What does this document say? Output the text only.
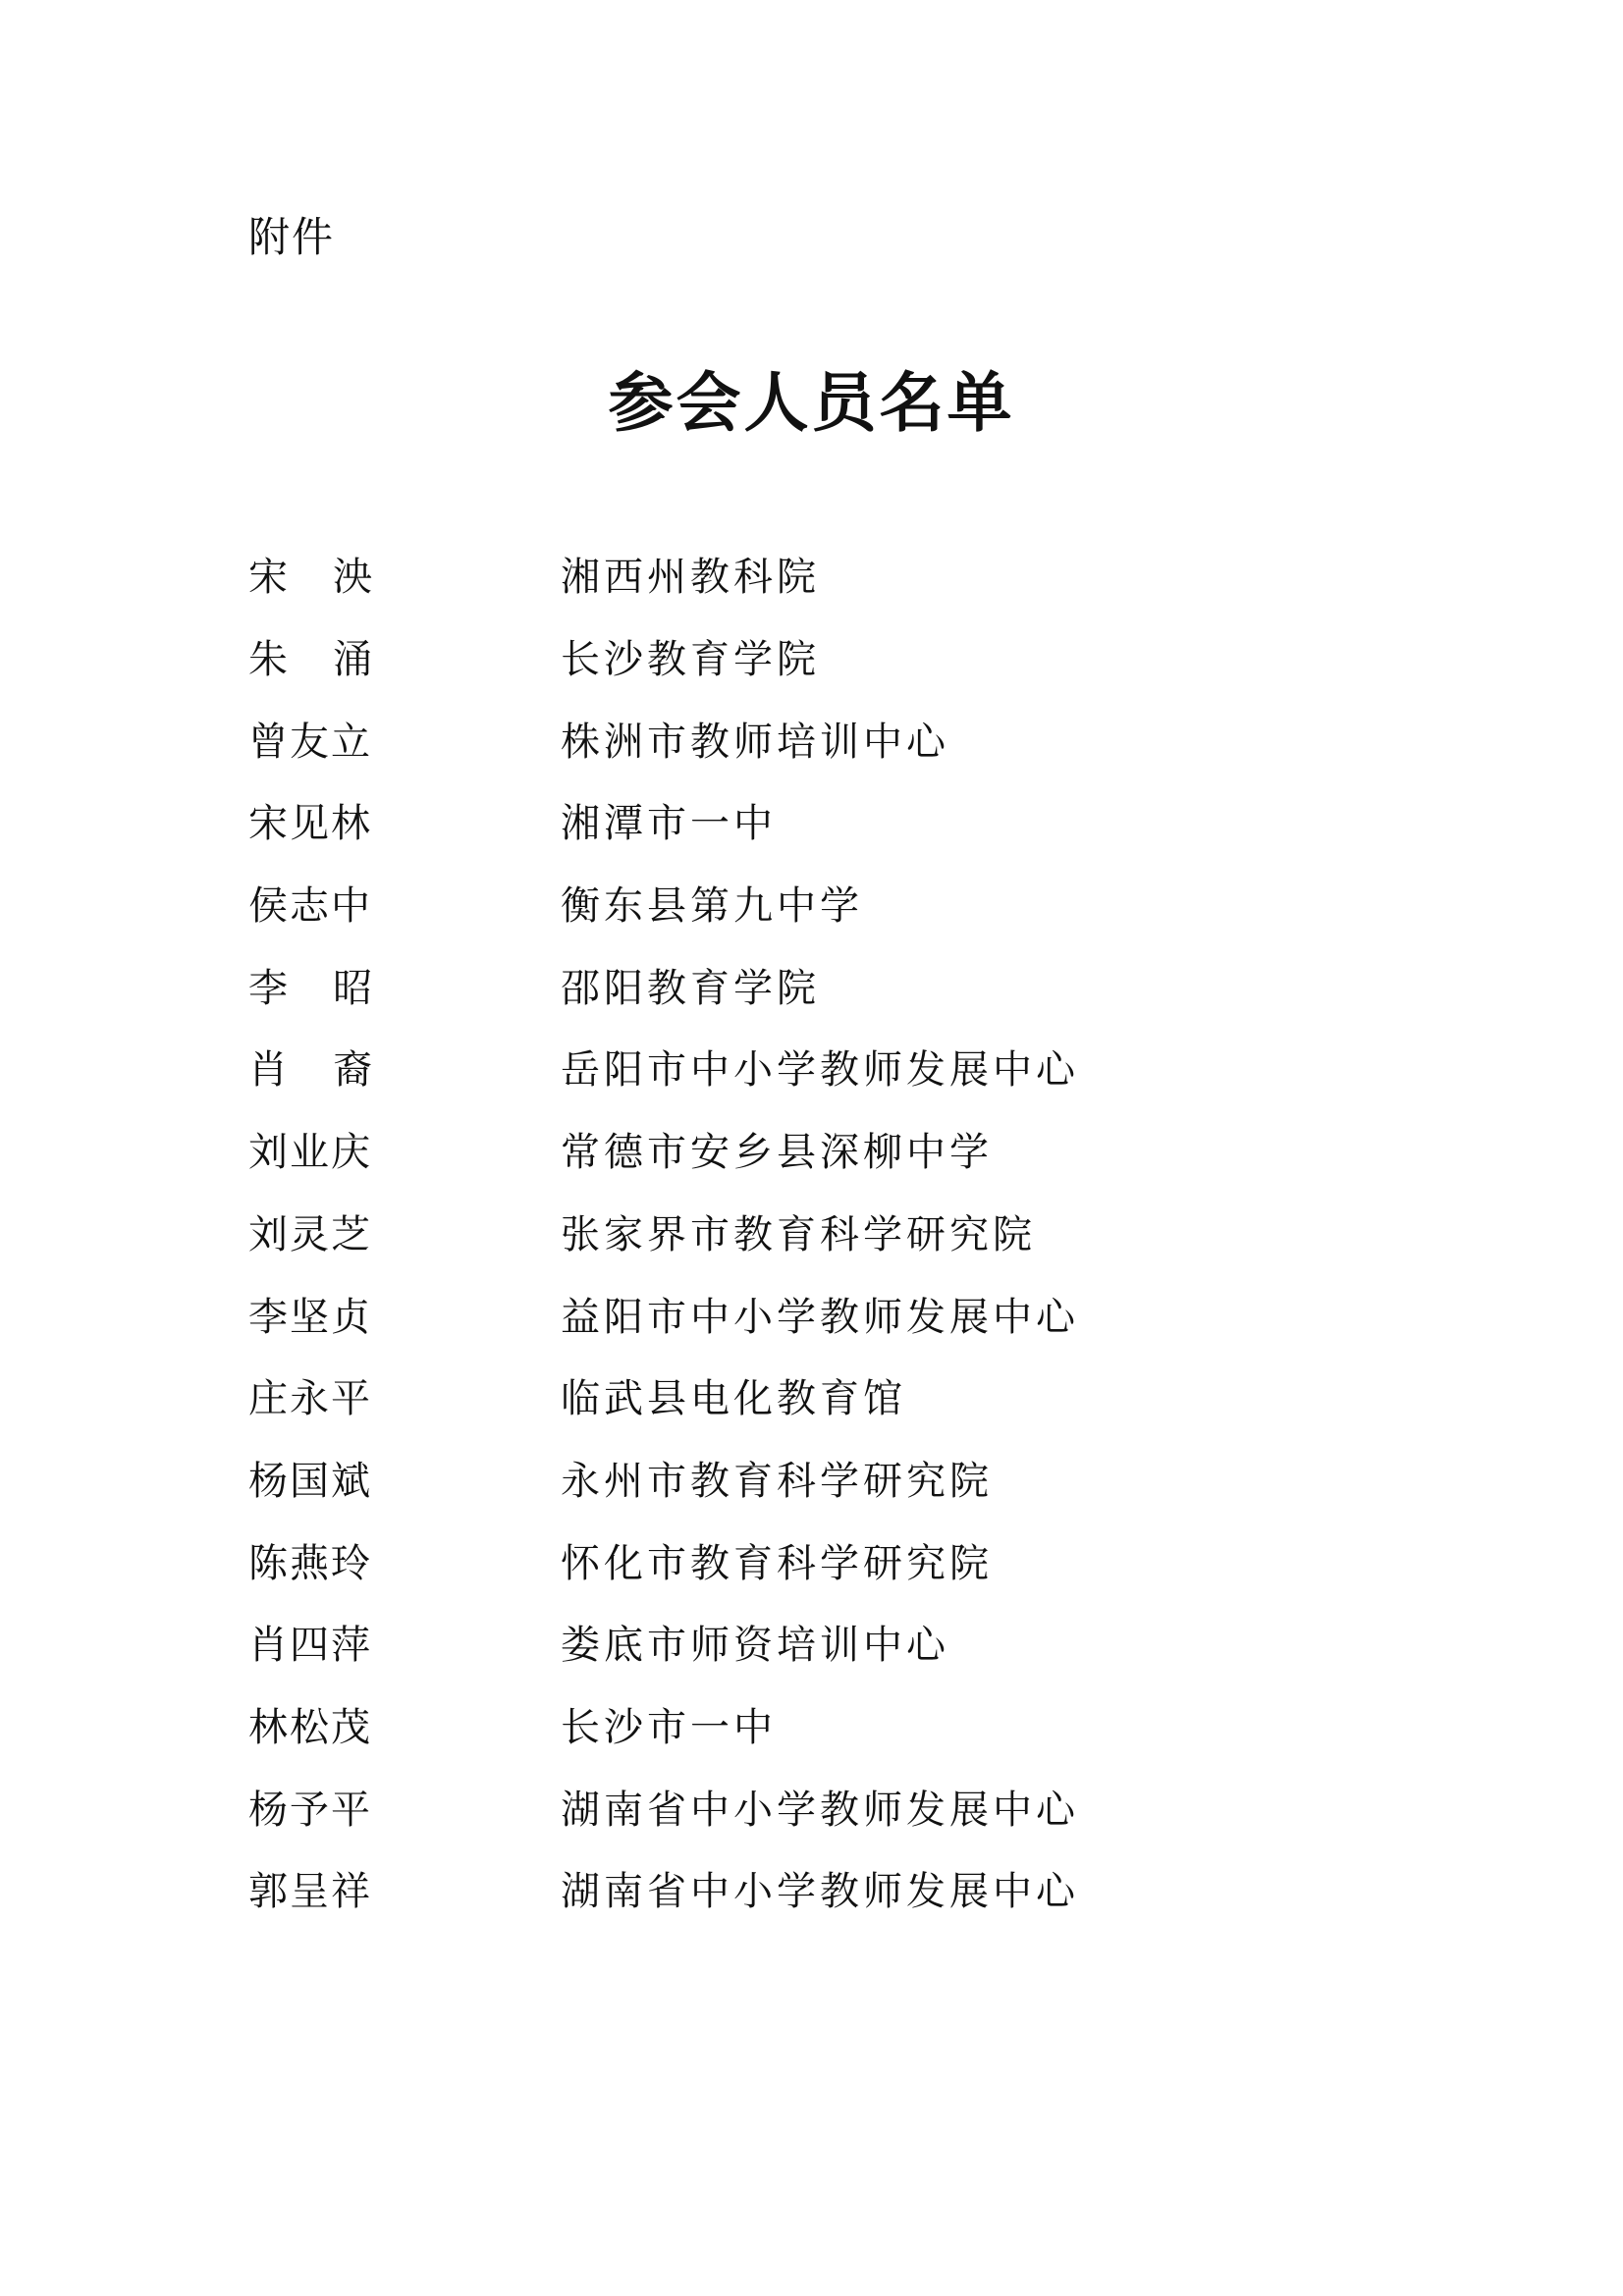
附件
参会人员名单
宋   泱	湘西州教科院
朱   涌	长沙教育学院
曾友立	株洲市教师培训中心
宋见林	湘潭市一中
侯志中	衡东县第九中学
李   昭	邵阳教育学院
肖   裔	岳阳市中小学教师发展中心
刘业庆	常德市安乡县深柳中学
刘灵芝	张家界市教育科学研究院
李坚贞	益阳市中小学教师发展中心
庄永平	临武县电化教育馆
杨国斌	永州市教育科学研究院
陈燕玲	怀化市教育科学研究院
肖四萍	娄底市师资培训中心
林松茂	长沙市一中
杨予平	湖南省中小学教师发展中心
郭呈祥	湖南省中小学教师发展中心
